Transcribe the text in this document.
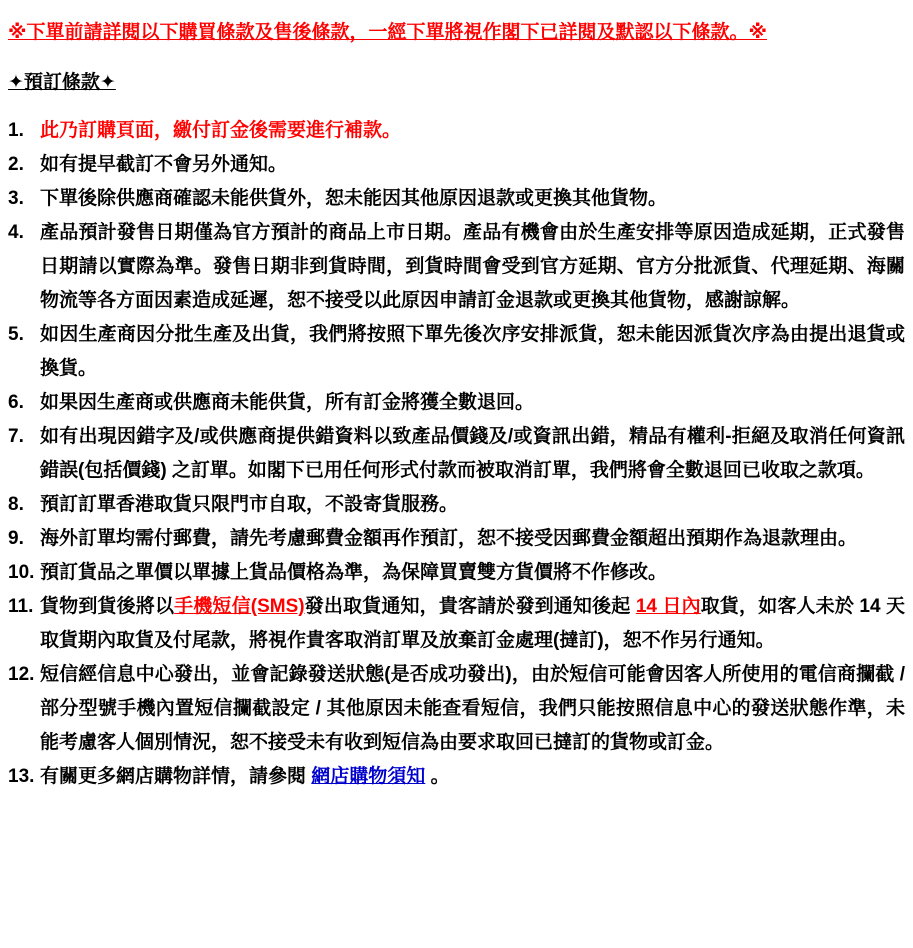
※下單前請詳閱以下購買條款及售後條款，一經下單將視作閣下已詳閱及默認以下條款。※

✦預訂條款✦

1. 此乃訂購頁面，繳付訂金後需要進行補款。
2. 如有提早截訂不會另外通知。
3. 下單後除供應商確認未能供貨外，恕未能因其他原因退款或更換其他貨物。
4. 產品預計發售日期僅為官方預計的商品上市日期。產品有機會由於生產安排等原因造成延期，正式發售日期請以實際為準。發售日期非到貨時間，到貨時間會受到官方延期、官方分批派貨、代理延期、海關物流等各方面因素造成延遲，恕不接受以此原因申請訂金退款或更換其他貨物，感謝諒解。
5. 如因生產商因分批生產及出貨，我們將按照下單先後次序安排派貨，恕未能因派貨次序為由提出退貨或換貨。
6. 如果因生產商或供應商未能供貨，所有訂金將獲全數退回。
7. 如有出現因錯字及/或供應商提供錯資料以致產品價錢及/或資訊出錯，精品有權利-拒絕及取消任何資訊錯誤(包括價錢) 之訂單。如閣下已用任何形式付款而被取消訂單，我們將會全數退回已收取之款項。
8. 預訂訂單香港取貨只限門市自取，不設寄貨服務。
9. 海外訂單均需付郵費，請先考慮郵費金額再作預訂，恕不接受因郵費金額超出預期作為退款理由。
10. 預訂貨品之單價以單據上貨品價格為準，為保障買賣雙方貨價將不作修改。
11. 貨物到貨後將以手機短信(SMS)發出取貨通知，貴客請於發到通知後起 14 日內取貨，如客人未於 14 天取貨期內取貨及付尾款，將視作貴客取消訂單及放棄訂金處理(撻訂)，恕不作另行通知。
12. 短信經信息中心發出，並會記錄發送狀態(是否成功發出)，由於短信可能會因客人所使用的電信商攔截 / 部分型號手機內置短信攔截設定 / 其他原因未能查看短信，我們只能按照信息中心的發送狀態作準，未能考慮客人個別情況，恕不接受未有收到短信為由要求取回已撻訂的貨物或訂金。
13. 有關更多網店購物詳情，請參閱 網店購物須知 。
